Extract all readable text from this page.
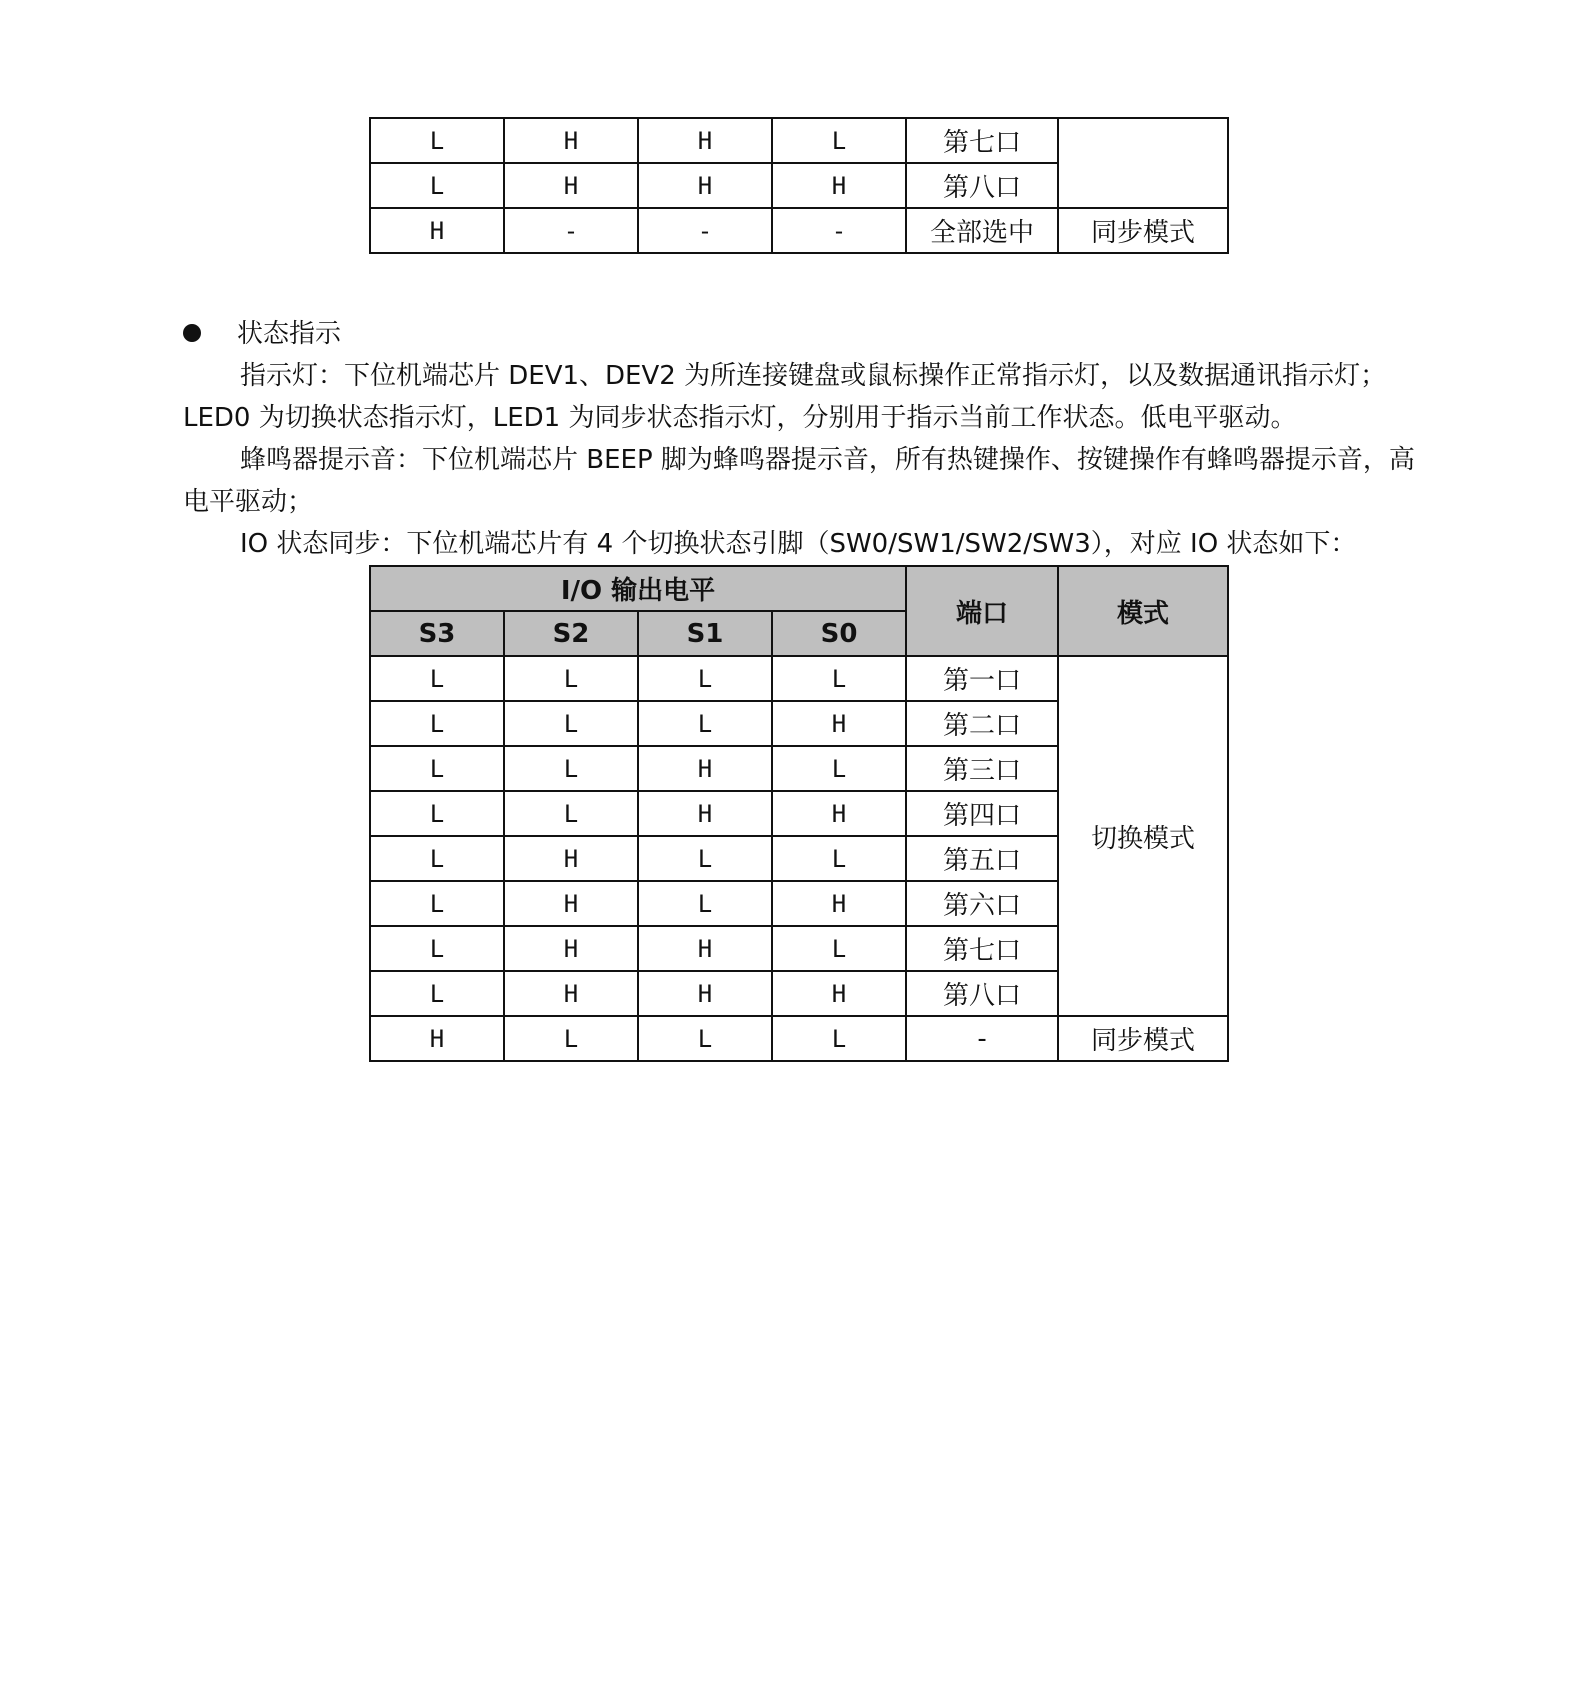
L	H	H	L	第七口	
L	H	H	H	第八口	
H	-	-	-	全部选中	同步模式
状态指示

指示灯：下位机端芯片 DEV1、DEV2 为所连接键盘或鼠标操作正常指示灯，以及数据通讯指示灯；LED0 为切换状态指示灯，LED1 为同步状态指示灯，分别用于指示当前工作状态。低电平驱动。

蜂鸣器提示音：下位机端芯片 BEEP 脚为蜂鸣器提示音，所有热键操作、按键操作有蜂鸣器提示音，高电平驱动；

IO 状态同步：下位机端芯片有 4 个切换状态引脚（SW0/SW1/SW2/SW3），对应 IO 状态如下：

I/O 输出电平				端口	模式
S3	S2	S1	S0		
L	L	L	L	第一口	切换模式
L	L	L	H	第二口	
L	L	H	L	第三口	
L	L	H	H	第四口	
L	H	L	L	第五口	
L	H	L	H	第六口	
L	H	H	L	第七口	
L	H	H	H	第八口	
H	L	L	L	-	同步模式
